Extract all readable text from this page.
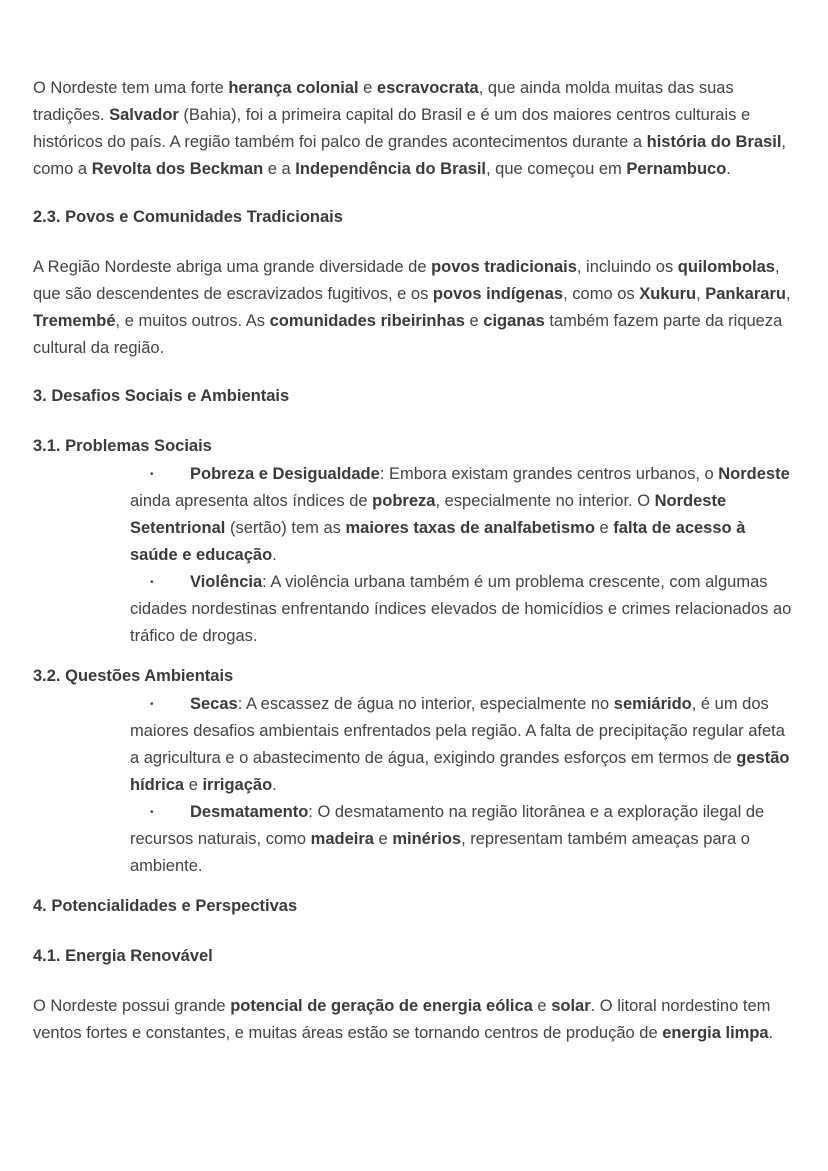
O Nordeste tem uma forte herança colonial e escravocrata, que ainda molda muitas das suas tradições. Salvador (Bahia), foi a primeira capital do Brasil e é um dos maiores centros culturais e históricos do país. A região também foi palco de grandes acontecimentos durante a história do Brasil, como a Revolta dos Beckman e a Independência do Brasil, que começou em Pernambuco.

2.3. Povos e Comunidades Tradicionais

A Região Nordeste abriga uma grande diversidade de povos tradicionais, incluindo os quilombolas, que são descendentes de escravizados fugitivos, e os povos indígenas, como os Xukuru, Pankararu, Tremembé, e muitos outros. As comunidades ribeirinhas e ciganas também fazem parte da riqueza cultural da região.

3. Desafios Sociais e Ambientais
3.1. Problemas Sociais
• Pobreza e Desigualdade: Embora existam grandes centros urbanos, o Nordeste ainda apresenta altos índices de pobreza, especialmente no interior. O Nordeste Setentrional (sertão) tem as maiores taxas de analfabetismo e falta de acesso à saúde e educação.
• Violência: A violência urbana também é um problema crescente, com algumas cidades nordestinas enfrentando índices elevados de homicídios e crimes relacionados ao tráfico de drogas.
3.2. Questões Ambientais
• Secas: A escassez de água no interior, especialmente no semiárido, é um dos maiores desafios ambientais enfrentados pela região. A falta de precipitação regular afeta a agricultura e o abastecimento de água, exigindo grandes esforços em termos de gestão hídrica e irrigação.
• Desmatamento: O desmatamento na região litorânea e a exploração ilegal de recursos naturais, como madeira e minérios, representam também ameaças para o ambiente.
4. Potencialidades e Perspectivas
4.1. Energia Renovável

O Nordeste possui grande potencial de geração de energia eólica e solar. O litoral nordestino tem ventos fortes e constantes, e muitas áreas estão se tornando centros de produção de energia limpa.
